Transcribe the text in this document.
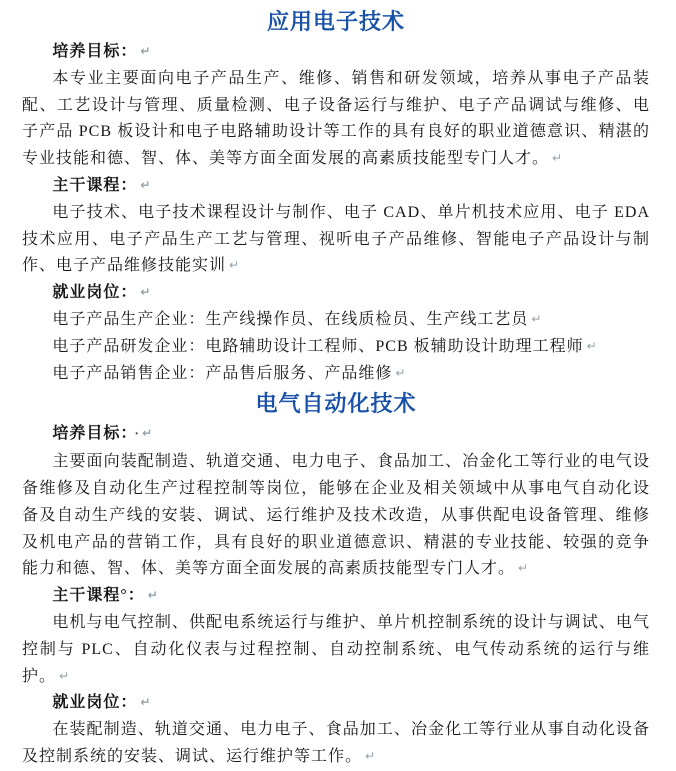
应用电子技术

培养目标： ↵

本专业主要面向电子产品生产、维修、销售和研发领域，培养从事电子产品装配、工艺设计与管理、质量检测、电子设备运行与维护、电子产品调试与维修、电子产品 PCB 板设计和电子电路辅助设计等工作的具有良好的职业道德意识、精湛的专业技能和德、智、体、美等方面全面发展的高素质技能型专门人才。 ↵

主干课程： ↵

电子技术、电子技术课程设计与制作、电子 CAD、单片机技术应用、电子 EDA 技术应用、电子产品生产工艺与管理、视听电子产品维修、智能电子产品设计与制作、电子产品维修技能实训 ↵

就业岗位： ↵

电子产品生产企业：生产线操作员、在线质检员、生产线工艺员 ↵

电子产品研发企业：电路辅助设计工程师、PCB 板辅助设计助理工程师 ↵

电子产品销售企业：产品售后服务、产品维修 ↵

电气自动化技术

培养目标： · ↵

主要面向装配制造、轨道交通、电力电子、食品加工、冶金化工等行业的电气设备维修及自动化生产过程控制等岗位，能够在企业及相关领域中从事电气自动化设备及自动生产线的安装、调试、运行维护及技术改造，从事供配电设备管理、维修及机电产品的营销工作，具有良好的职业道德意识、精湛的专业技能、较强的竞争能力和德、智、体、美等方面全面发展的高素质技能型专门人才。 ↵

主干课程°： ↵

电机与电气控制、供配电系统运行与维护、单片机控制系统的设计与调试、电气控制与 PLC、自动化仪表与过程控制、自动控制系统、电气传动系统的运行与维护。 ↵

就业岗位： ↵

在装配制造、轨道交通、电力电子、食品加工、冶金化工等行业从事自动化设备及控制系统的安装、调试、运行维护等工作。 ↵
